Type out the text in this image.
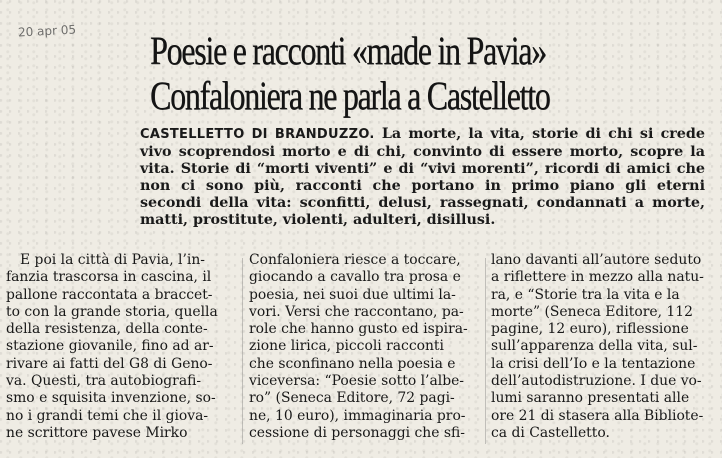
20 apr 05 Poesie e racconti «made in Pavia»
Confaloniera ne parla a Castelletto
CASTELLETTO DI BRANDUZZO. La morte, la vita, storie di chi si crede vivo scoprendosi morto e di chi, convinto di essere morto, scopre la vita. Storie di “morti viventi” e di “vivi morenti”, ricordi di amici che non ci sono più, racconti che portano in primo piano gli eterni secondi della vita: sconfitti, delusi, rassegnati, condannati a morte, matti, prostitute, violenti, adulteri, disillusi.
E poi la città di Pavia, l’in-
fanzia trascorsa in cascina, il
pallone raccontata a braccet-
to con la grande storia, quella
della resistenza, della conte-
stazione giovanile, fino ad ar-
rivare ai fatti del G8 di Geno-
va. Questi, tra autobiografi-
smo e squisita invenzione, so-
no i grandi temi che il giova-
ne scrittore pavese Mirko
Confaloniera riesce a toccare,
giocando a cavallo tra prosa e
poesia, nei suoi due ultimi la-
vori. Versi che raccontano, pa-
role che hanno gusto ed ispira-
zione lirica, piccoli racconti
che sconfinano nella poesia e
viceversa: “Poesie sotto l’albe-
ro” (Seneca Editore, 72 pagi-
ne, 10 euro), immaginaria pro-
cessione di personaggi che sfi-
lano davanti all’autore seduto
a riflettere in mezzo alla natu-
ra, e “Storie tra la vita e la
morte” (Seneca Editore, 112
pagine, 12 euro), riflessione
sull’apparenza della vita, sul-
la crisi dell’Io e la tentazione
dell’autodistruzione. I due vo-
lumi saranno presentati alle
ore 21 di stasera alla Bibliote-
ca di Castelletto.
